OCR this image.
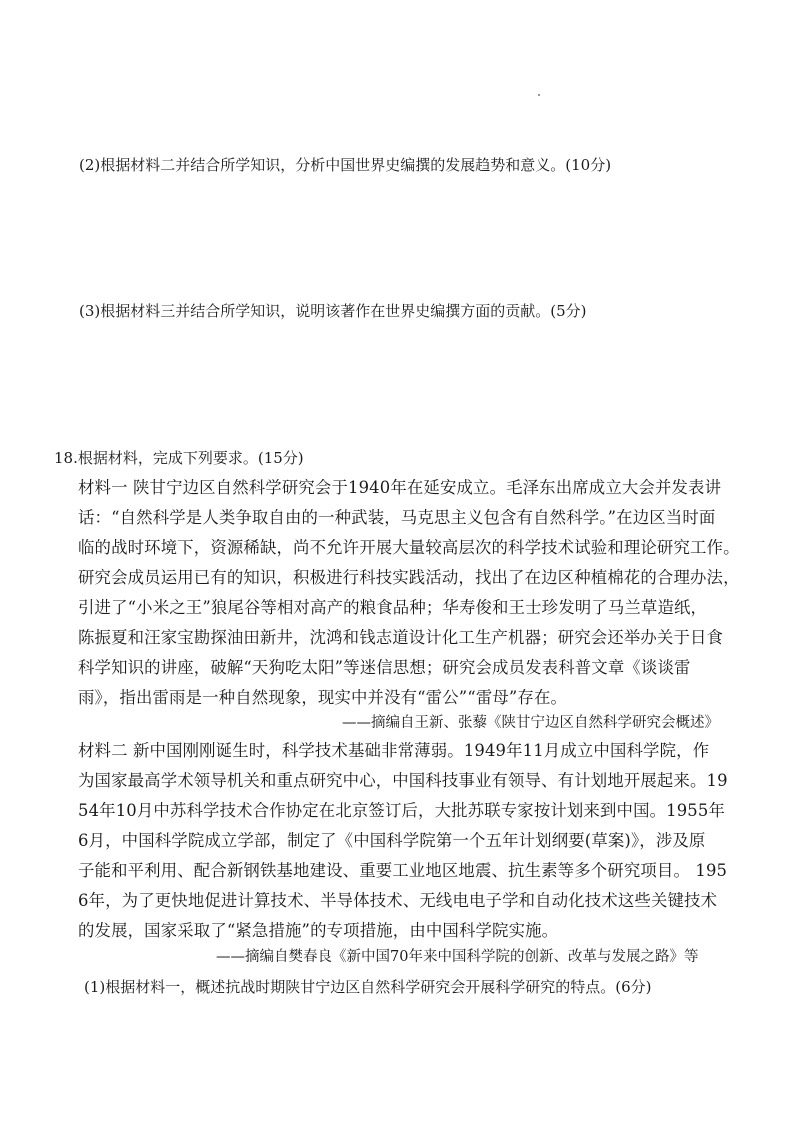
(2)根据材料二并结合所学知识，分析中国世界史编撰的发展趋势和意义。(10分)
(3)根据材料三并结合所学知识，说明该著作在世界史编撰方面的贡献。(5分)
18.根据材料，完成下列要求。(15分)
材料一 陕甘宁边区自然科学研究会于1940年在延安成立。毛泽东出席成立大会并发表讲
话：“自然科学是人类争取自由的一种武装，马克思主义包含有自然科学。”在边区当时面
临的战时环境下，资源稀缺，尚不允许开展大量较高层次的科学技术试验和理论研究工作。
研究会成员运用已有的知识，积极进行科技实践活动，找出了在边区种植棉花的合理办法，
引进了“小米之王”狼尾谷等相对高产的粮食品种；华寿俊和王士珍发明了马兰草造纸，
陈振夏和汪家宝勘探油田新井，沈鸿和钱志道设计化工生产机器；研究会还举办关于日食
科学知识的讲座，破解“天狗吃太阳”等迷信思想；研究会成员发表科普文章《谈谈雷
雨》，指出雷雨是一种自然现象，现实中并没有“雷公”“雷母”存在。
——摘编自王新、张藜《陕甘宁边区自然科学研究会概述》
材料二 新中国刚刚诞生时，科学技术基础非常薄弱。1949年11月成立中国科学院，作
为国家最高学术领导机关和重点研究中心，中国科技事业有领导、有计划地开展起来。19
54年10月中苏科学技术合作协定在北京签订后，大批苏联专家按计划来到中国。1955年
6月，中国科学院成立学部，制定了《中国科学院第一个五年计划纲要(草案)》，涉及原
子能和平利用、配合新钢铁基地建设、重要工业地区地震、抗生素等多个研究项目。 195
6年，为了更快地促进计算技术、半导体技术、无线电电子学和自动化技术这些关键技术
的发展，国家采取了“紧急措施”的专项措施，由中国科学院实施。
——摘编自樊春良《新中国70年来中国科学院的创新、改革与发展之路》等
(1)根据材料一，概述抗战时期陕甘宁边区自然科学研究会开展科学研究的特点。(6分)
